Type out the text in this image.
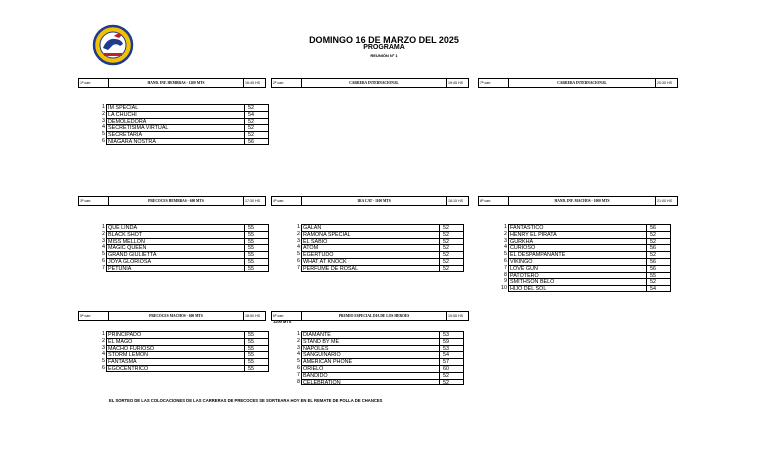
DOMINGO 16 DE MARZO DEL 2025
PROGRAMA
REUNIÓN Nº 1
1ª carr.	HAND. INF. HEMBRAS - 1200 MTS	16:45 HS
1 IM SPECIAL	52
2 LA CHUCHI	54
3 DEMOLEDORA	52
4 SECRETISIMA VIRTUAL	52
5 SECRETARIA	52
6 NIAGARA NOSTRA	56
2ª carr.	CARRERA INTERNACIONAL	19:45 HS	7ª carr.	CARRERA INTERNACIONAL	20:30 HS
3ª carr.	PRECOCES HEMBRAS - 600 MTS	17:30 HS
1 QUE LINDA	55
2 BLACK SHOT	55
3 MISS MELLON	55
4 MAGIC QUEEN	55
5 GRAND GIULIETTA	55
6 JOYA GLORIOSA	55
7 PETUNIA	55
4ª carr.	3RA CAT - 1100 MTS	18:15 HS
1 GALAN	52
2 RAMONA SPECIAL	52
3 EL SABIO	52
4 ATOM	52
5 EGERTUDO	52
6 WHAT AT KNOCK	52
7 PERFUME DE ROSAL	52
8ª carr.	HAND. INF. MACHOS - 1000 MTS	21:00 HS
1 FANTASTICO	56
2 HENRY EL PIRATA	52
3 GURKHA	52
4 CURIOSO	56
5 EL DESPAMPANANTE	52
6 VIKINGO	56
7 LOVE GUN	56
8 PATOTERO	55
9 SMITHSON BELO	52
10 HIJO DEL SOL	54
5ª carr.	PRECOCES MACHOS - 600 MTS	18:50 HS
1 PRINCIPADO	55
2 EL MAGO	55
3 MACHO FURIOSO	55
4 STORM LEMON	55
5 FANTASMA	55
6 EGOCENTRICO	55
6ª carr.	PREMIO ESPECIAL DIA DE LOS HEROES	19:55 HS
1200 MTS
1 DIAMANTE	53
2 STAND BY ME	59
3 NAPOLES	53
4 SANGUINARIO	54
5 AMERICAN PHONE	57
6 ORIELO	60
7 BANDIDO	52
8 CELEBRATION	52
EL SORTEO DE LAS COLOCACIONES DE LAS CARRERAS DE PRECOCES SE SORTEARA HOY EN EL REMATE DE POLLA DE CHANCES
